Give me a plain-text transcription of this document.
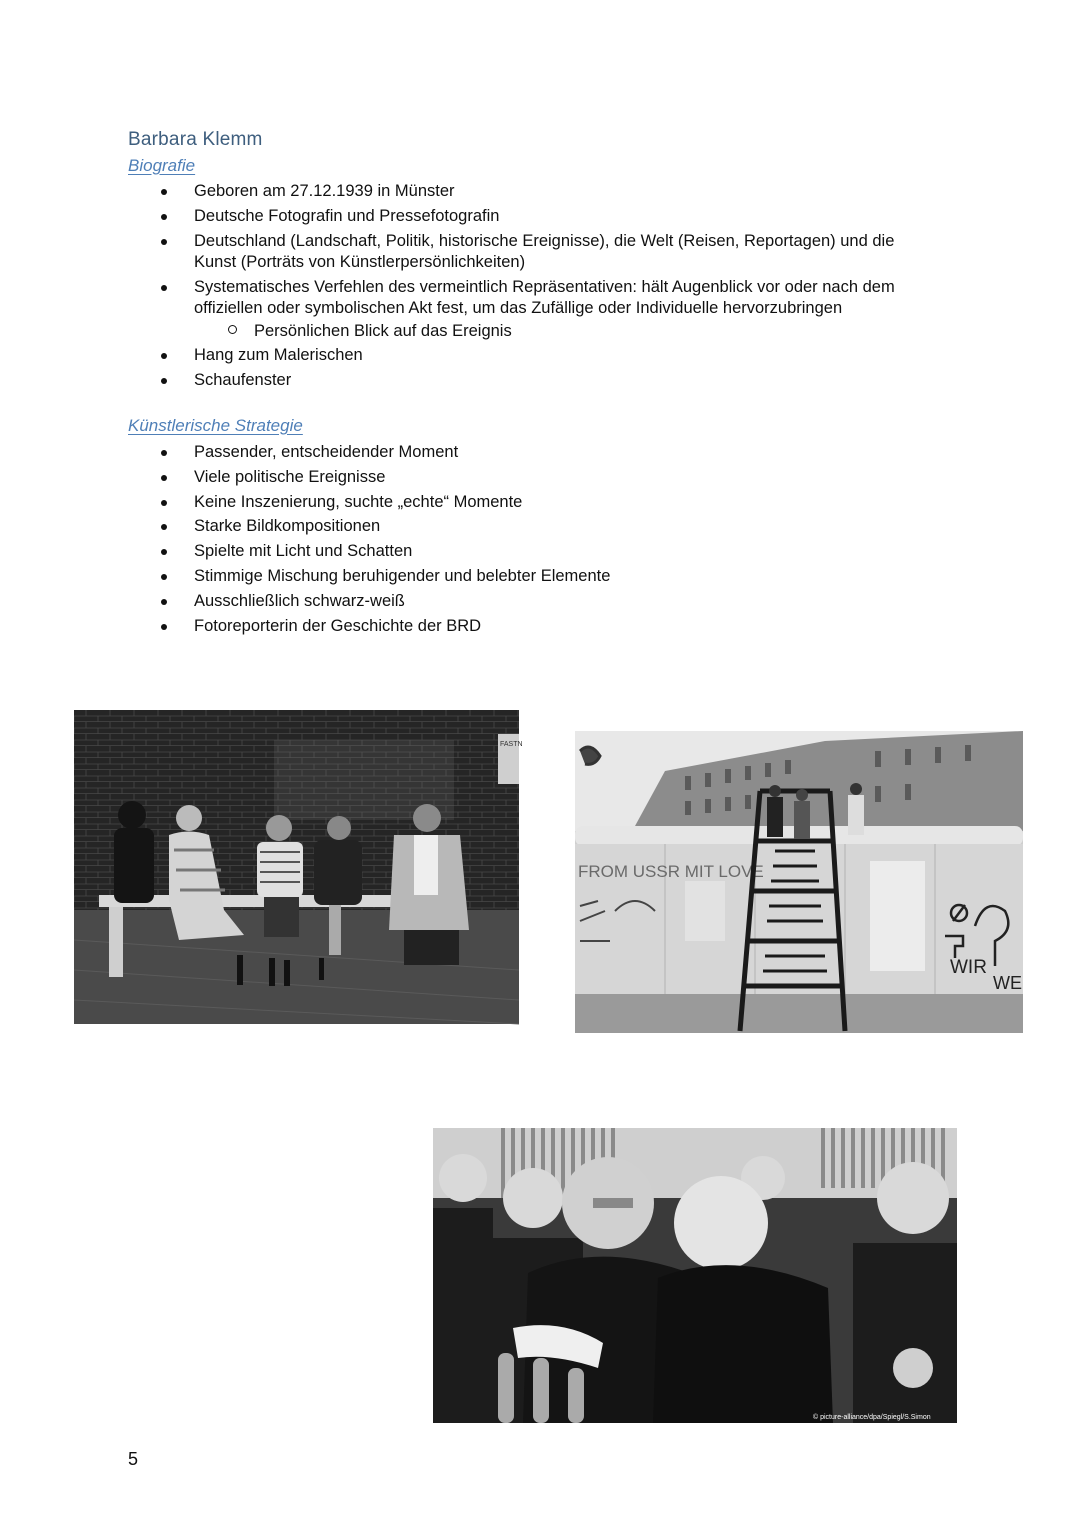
Barbara Klemm
Biografie
Geboren am 27.12.1939 in Münster
Deutsche Fotografin und Pressefotografin
Deutschland (Landschaft, Politik, historische Ereignisse), die Welt (Reisen, Reportagen) und die Kunst (Porträts von Künstlerpersönlichkeiten)
Systematisches Verfehlen des vermeintlich Repräsentativen: hält Augenblick vor oder nach dem offiziellen oder symbolischen Akt fest, um das Zufällige oder Individuelle hervorzubringen
Persönlichen Blick auf das Ereignis
Hang zum Malerischen
Schaufenster
Künstlerische Strategie
Passender, entscheidender Moment
Viele politische Ereignisse
Keine Inszenierung, suchte „echte“ Momente
Starke Bildkompositionen
Spielte mit Licht und Schatten
Stimmige Mischung beruhigender und belebter Elemente
Ausschließlich schwarz-weiß
Fotoreporterin der Geschichte der BRD
FASTN
FROM USSR MIT LOVE
WIR
WE
© picture-alliance/dpa/Spiegl/S.Simon
5
